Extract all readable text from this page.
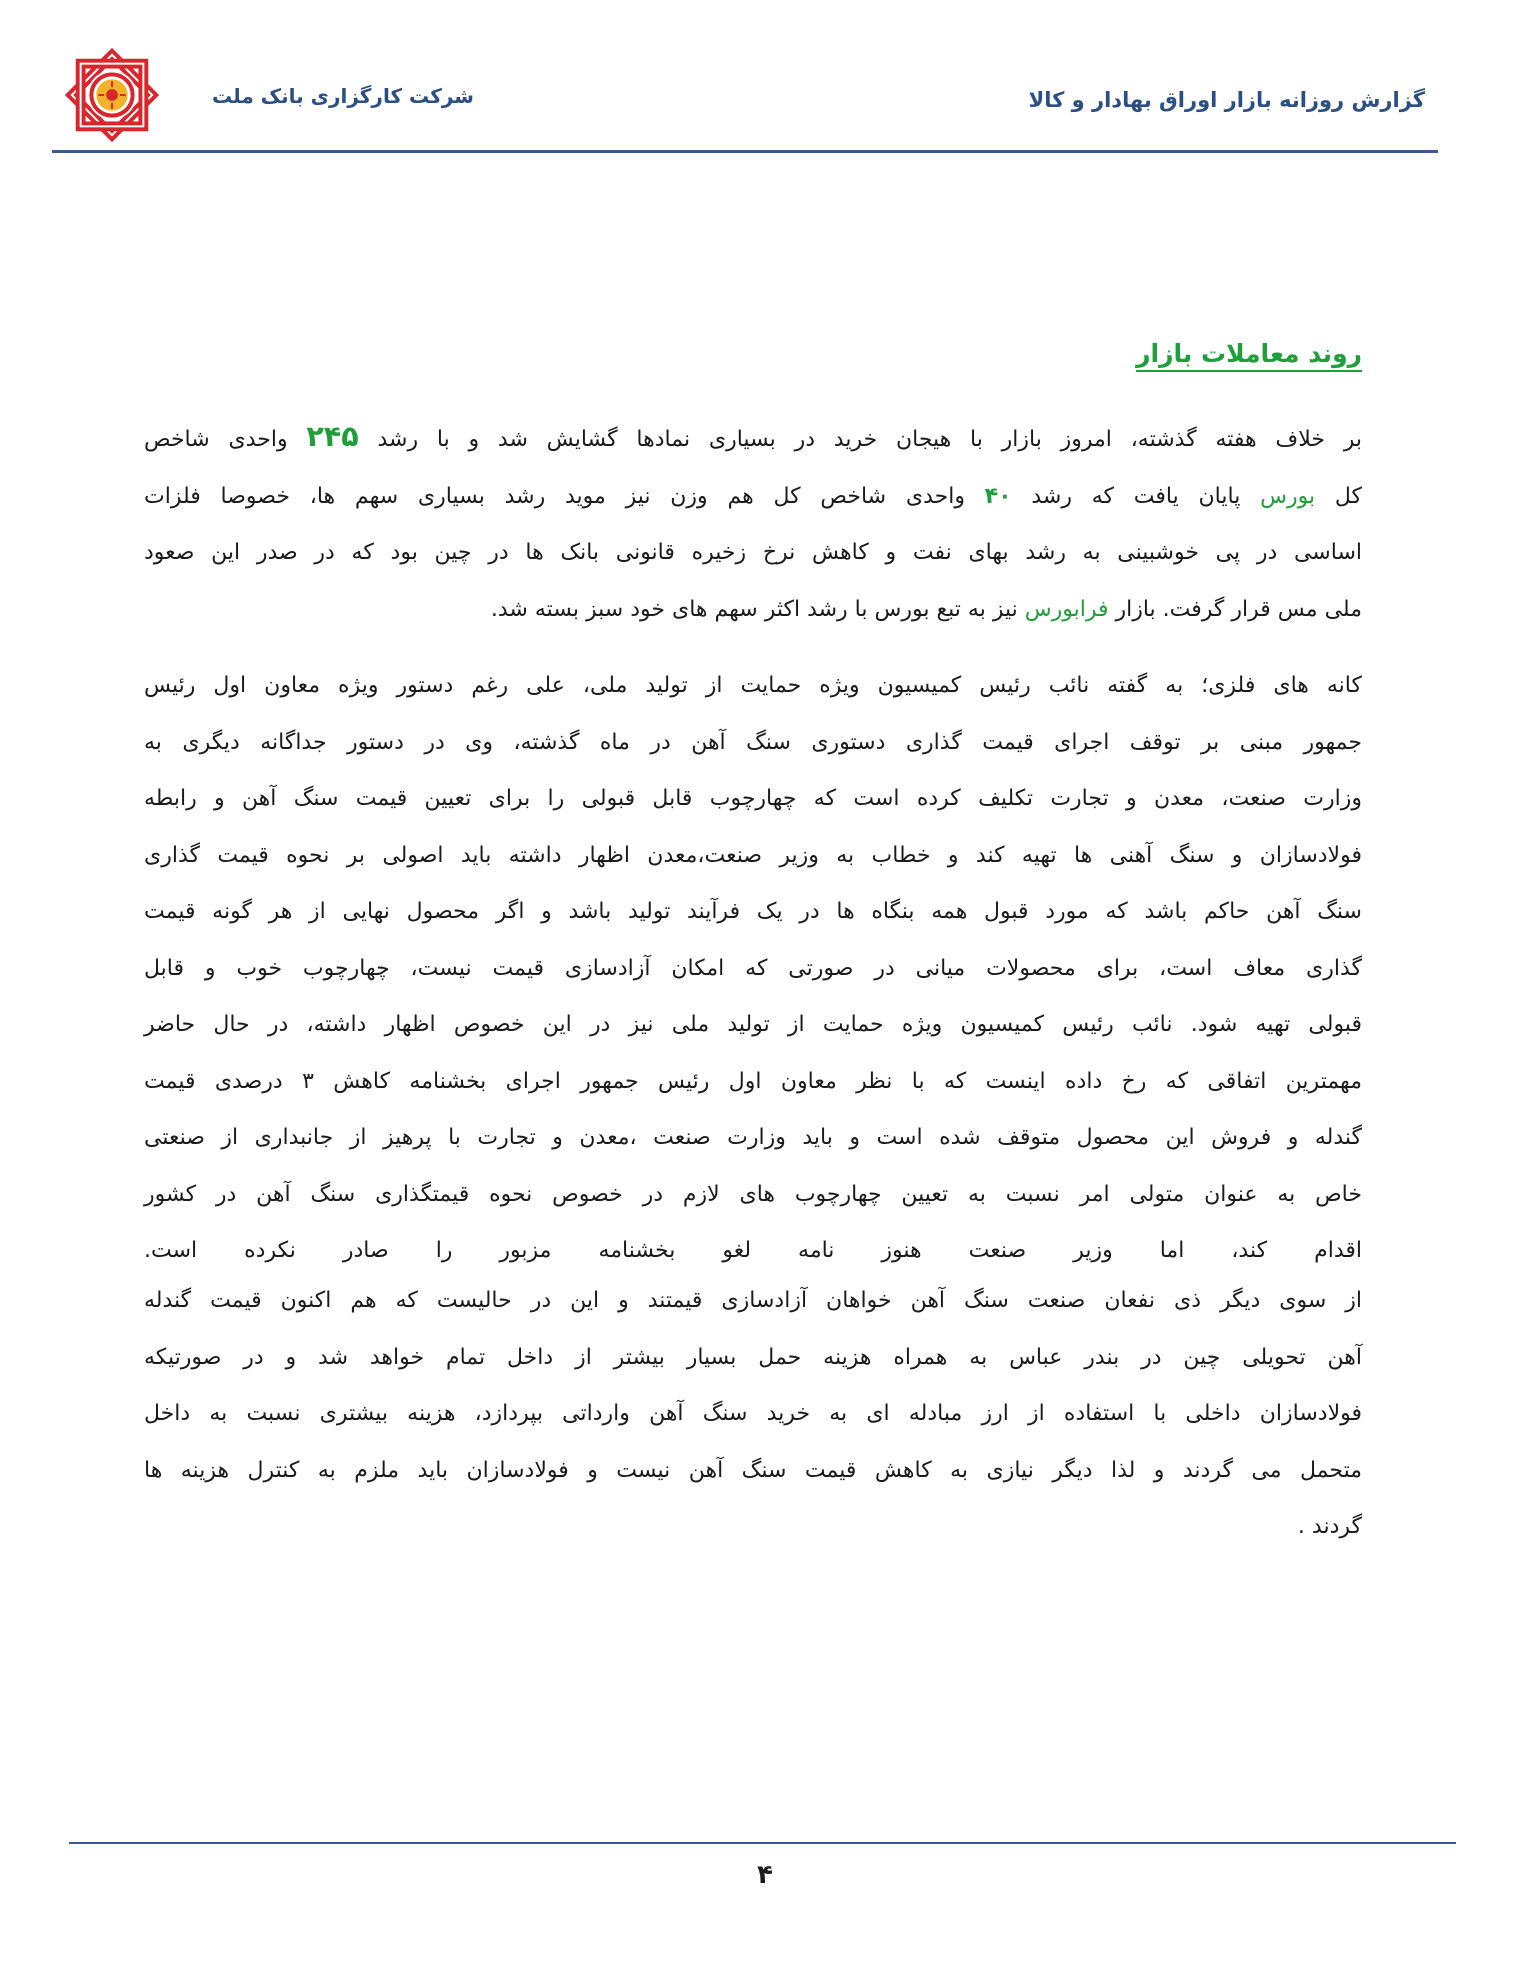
شرکت کارگزاری بانک ملت	گزارش روزانه بازار اوراق بهادار و کالا
روند معاملات بازار
بر خلاف هفته گذشته، امروز بازار با هیجان خرید در بسیاری نمادها گشایش شد و با رشد ۲۴۵ واحدی شاخص
کل بورس پایان یافت که رشد ۴۰ واحدی شاخص کل هم وزن نیز موید رشد بسیاری سهم ها، خصوصا فلزات
اساسی در پی خوشبینی به رشد بهای نفت و کاهش نرخ زخیره قانونی بانک ها در چین بود که در صدر این صعود
ملی مس قرار گرفت. بازار فرابورس نیز به تبع بورس با رشد اکثر سهم های خود سبز بسته شد.
کانه های فلزی؛ به گفته نائب رئیس کمیسیون ویژه حمایت از تولید ملی، علی رغم دستور ویژه معاون اول رئیس
جمهور مبنی بر توقف اجرای قیمت گذاری دستوری سنگ آهن در ماه گذشته، وی در دستور جداگانه دیگری به
وزارت صنعت، معدن و تجارت تکلیف کرده است که چهارچوب قابل قبولی را برای تعیین قیمت سنگ آهن و رابطه
فولادسازان و سنگ آهنی ها تهیه کند و خطاب به وزیر صنعت،معدن اظهار داشته باید اصولی بر نحوه قیمت گذاری
سنگ آهن حاکم باشد که مورد قبول همه بنگاه ها در یک فرآیند تولید باشد و اگر محصول نهایی از هر گونه قیمت
گذاری معاف است، برای محصولات میانی در صورتی که امکان آزادسازی قیمت نیست، چهارچوب خوب و قابل
قبولی تهیه شود. نائب رئیس کمیسیون ویژه حمایت از تولید ملی نیز در این خصوص اظهار داشته، در حال حاضر
مهمترین اتفاقی که رخ داده اینست که با نظر معاون اول رئیس جمهور اجرای بخشنامه کاهش ۳ درصدی قیمت
گندله و فروش این محصول متوقف شده است و باید وزارت صنعت ،معدن و تجارت با پرهیز از جانبداری از صنعتی
خاص به عنوان متولی امر نسبت به تعیین چهارچوب های لازم در خصوص نحوه قیمتگذاری سنگ آهن در کشور
اقدام کند، اما وزیر صنعت هنوز نامه لغو بخشنامه مزبور را صادر نکرده است.
از سوی دیگر ذی نفعان صنعت سنگ آهن خواهان آزادسازی قیمتند و این در حالیست که هم اکنون قیمت گندله
آهن تحویلی چین در بندر عباس به همراه هزینه حمل بسیار بیشتر از داخل تمام خواهد شد و در صورتیکه
فولادسازان داخلی با استفاده از ارز مبادله ای به خرید سنگ آهن وارداتی بپردازد، هزینه بیشتری نسبت به داخل
متحمل می گردند و لذا دیگر نیازی به کاهش قیمت سنگ آهن نیست و فولادسازان باید ملزم به کنترل هزینه ها
گردند .
۴
